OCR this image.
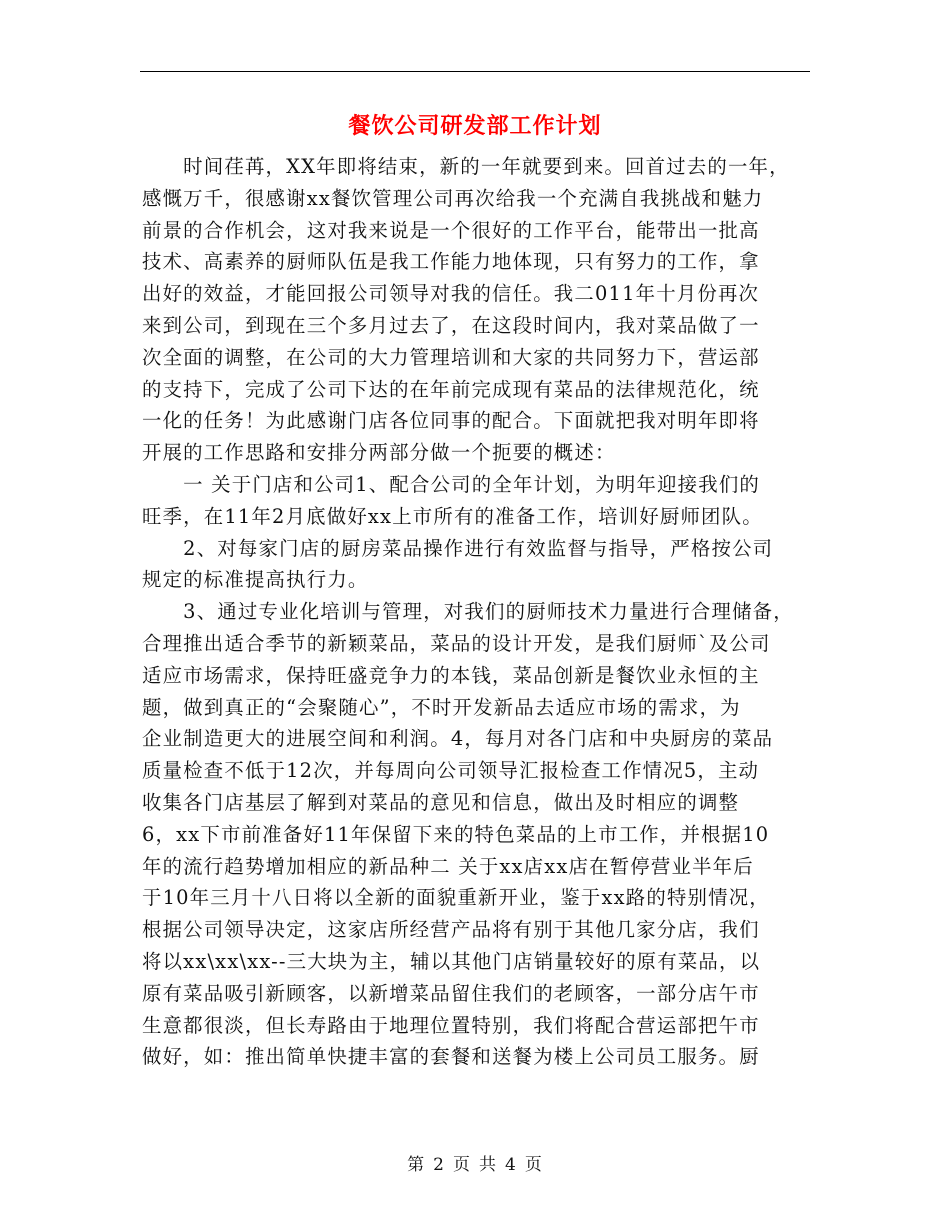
餐饮公司研发部工作计划
　　时间荏苒，XX年即将结束，新的一年就要到来。回首过去的一年，
感慨万千，很感谢xx餐饮管理公司再次给我一个充满自我挑战和魅力
前景的合作机会，这对我来说是一个很好的工作平台，能带出一批高
技术、高素养的厨师队伍是我工作能力地体现，只有努力的工作，拿
出好的效益，才能回报公司领导对我的信任。我二011年十月份再次
来到公司，到现在三个多月过去了，在这段时间内，我对菜品做了一
次全面的调整，在公司的大力管理培训和大家的共同努力下，营运部
的支持下，完成了公司下达的在年前完成现有菜品的法律规范化，统
一化的任务！为此感谢门店各位同事的配合。下面就把我对明年即将
开展的工作思路和安排分两部分做一个扼要的概述：
　　一 关于门店和公司1、配合公司的全年计划，为明年迎接我们的
旺季，在11年2月底做好xx上市所有的准备工作，培训好厨师团队。
　　2、对每家门店的厨房菜品操作进行有效监督与指导，严格按公司
规定的标准提高执行力。
　　3、通过专业化培训与管理，对我们的厨师技术力量进行合理储备，
合理推出适合季节的新颖菜品，菜品的设计开发，是我们厨师`及公司
适应市场需求，保持旺盛竞争力的本钱，菜品创新是餐饮业永恒的主
题，做到真正的“会聚随心”，不时开发新品去适应市场的需求，为
企业制造更大的进展空间和利润。4，每月对各门店和中央厨房的菜品
质量检查不低于12次，并每周向公司领导汇报检查工作情况5，主动
收集各门店基层了解到对菜品的意见和信息，做出及时相应的调整
6，xx下市前准备好11年保留下来的特色菜品的上市工作，并根据10
年的流行趋势增加相应的新品种二 关于xx店xx店在暂停营业半年后
于10年三月十八日将以全新的面貌重新开业，鉴于xx路的特别情况，
根据公司领导决定，这家店所经营产品将有别于其他几家分店，我们
将以xx\xx\xx--三大块为主，辅以其他门店销量较好的原有菜品，以
原有菜品吸引新顾客，以新增菜品留住我们的老顾客，一部分店午市
生意都很淡，但长寿路由于地理位置特别，我们将配合营运部把午市
做好，如：推出简单快捷丰富的套餐和送餐为楼上公司员工服务。厨
第 2 页 共 4 页
